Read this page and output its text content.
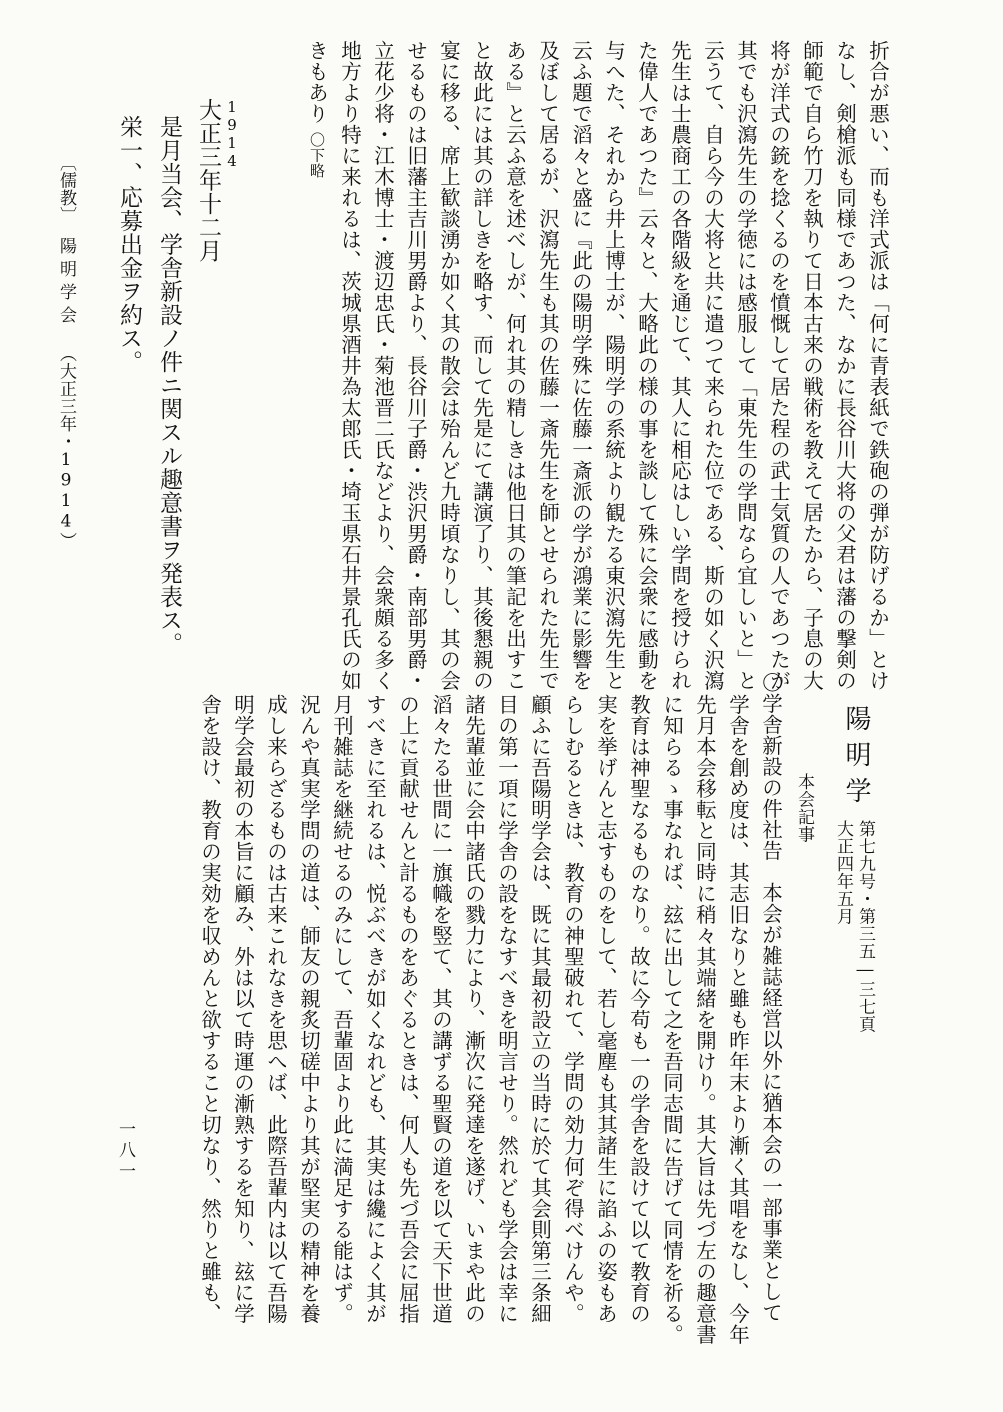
折合が悪い、而も洋式派は「何に青表紙で鉄砲の弾が防げるか」とけ
なし、剣槍派も同様であつた、なかに長谷川大将の父君は藩の撃剣の
師範で自ら竹刀を執りて日本古来の戦術を教えて居たから、子息の大
将が洋式の銃を捻くるのを憤慨して居た程の武士気質の人であつたが
其でも沢瀉先生の学徳には感服して「東先生の学問なら宜しいと」と
云うて、自ら今の大将と共に遣つて来られた位である、斯の如く沢瀉
先生は士農商工の各階級を通じて、其人に相応はしい学問を授けられ
た偉人であつた』云々と、大略此の様の事を談して殊に会衆に感動を
与へた、それから井上博士が、陽明学の系統より観たる東沢瀉先生と
云ふ題で滔々と盛に『此の陽明学殊に佐藤一斎派の学が鴻業に影響を
及ぼして居るが、沢瀉先生も其の佐藤一斎先生を師とせられた先生で
ある』と云ふ意を述べしが、何れ其の精しきは他日其の筆記を出すこ
と故此には其の詳しきを略す、而して先是にて講演了り、其後懇親の
宴に移る、席上歓談湧か如く其の散会は殆んど九時頃なりし、其の会
せるものは旧藩主吉川男爵より、長谷川子爵・渋沢男爵・南部男爵・
立花少将・江木博士・渡辺忠氏・菊池晋二氏などより、会衆頗る多く
地方より特に来れるは、茨城県酒井為太郎氏・埼玉県石井景孔氏の如
きもあり
〇下略
1914
大正三年十二月
是月当会、学舎新設ノ件ニ関スル趣意書ヲ発表ス。
栄一、応募出金ヲ約ス。
〔儒教〕
陽明学会
（大正三年・1914）
陽明学
第七九号・第三五―三七頁
大正四年五月
本会記事
〇学舎新設の件社告　本会が雑誌経営以外に猶本会の一部事業として
学舎を創め度は、其志旧なりと雖も昨年末より漸く其唱をなし、今年
先月本会移転と同時に稍々其端緒を開けり。其大旨は先づ左の趣意書
に知らるゝ事なれば、玆に出して之を吾同志間に告げて同情を祈る。
教育は神聖なるものなり。故に今苟も一の学舎を設けて以て教育の
実を挙げんと志すものをして、若し毫塵も其其諸生に諂ふの姿もあ
らしむるときは、教育の神聖破れて、学問の効力何ぞ得べけんや。
顧ふに吾陽明学会は、既に其最初設立の当時に於て其会則第三条細
目の第一項に学舎の設をなすべきを明言せり。然れども学会は幸に
諸先輩並に会中諸氏の戮力により、漸次に発達を遂げ、いまや此の
滔々たる世間に一旗幟を竪て、其の講ずる聖賢の道を以て天下世道
の上に貢献せんと計るものをあぐるときは、何人も先づ吾会に屈指
すべきに至れるは、悦ぶべきが如くなれども、其実は纔によく其が
月刊雑誌を継続せるのみにして、吾輩固より此に満足する能はず。
況んや真実学問の道は、師友の親炙切磋中より其が堅実の精神を養
成し来らざるものは古来これなきを思へば、此際吾輩内は以て吾陽
明学会最初の本旨に顧み、外は以て時運の漸熟するを知り、玆に学
舎を設け、教育の実効を収めんと欲すること切なり、然りと雖も、
一八一
